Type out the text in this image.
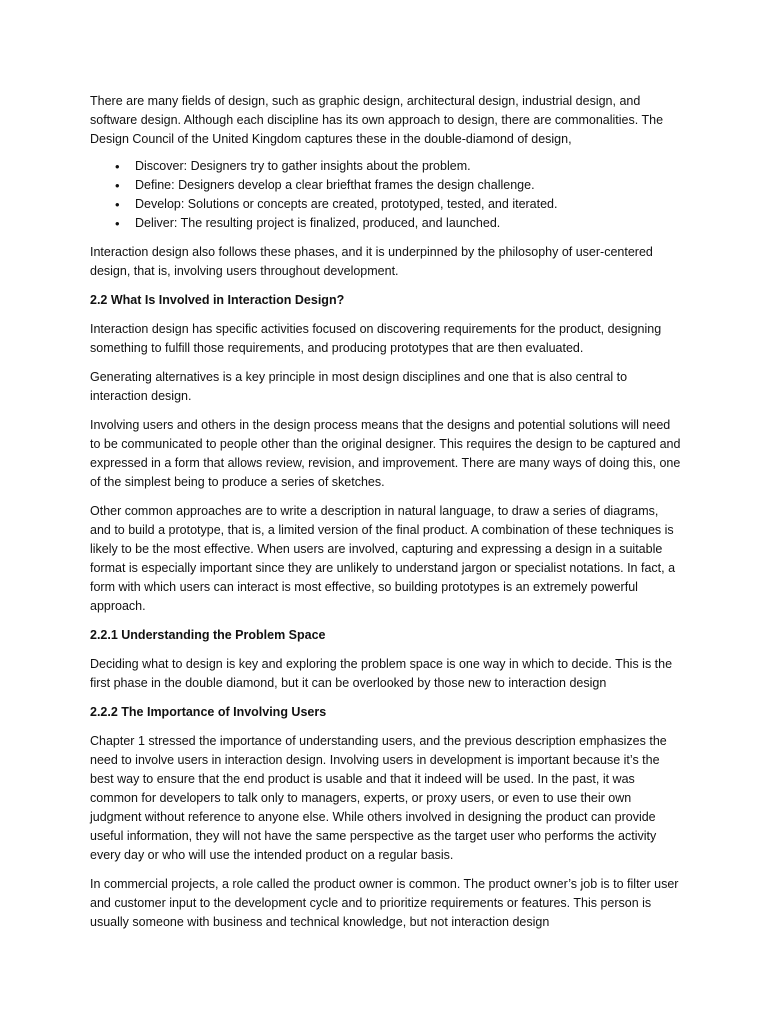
There are many fields of design, such as graphic design, architectural design, industrial design, and software design. Although each discipline has its own approach to design, there are commonalities. The Design Council of the United Kingdom captures these in the double-diamond of design,

• Discover: Designers try to gather insights about the problem.
• Define: Designers develop a clear briefthat frames the design challenge.
• Develop: Solutions or concepts are created, prototyped, tested, and iterated.
• Deliver: The resulting project is finalized, produced, and launched.

Interaction design also follows these phases, and it is underpinned by the philosophy of user-centered design, that is, involving users throughout development.

2.2 What Is Involved in Interaction Design?

Interaction design has specific activities focused on discovering requirements for the product, designing something to fulfill those requirements, and producing prototypes that are then evaluated.

Generating alternatives is a key principle in most design disciplines and one that is also central to interaction design.

Involving users and others in the design process means that the designs and potential solutions will need to be communicated to people other than the original designer. This requires the design to be captured and expressed in a form that allows review, revision, and improvement. There are many ways of doing this, one of the simplest being to produce a series of sketches.

Other common approaches are to write a description in natural language, to draw a series of diagrams, and to build a prototype, that is, a limited version of the final product. A combination of these techniques is likely to be the most effective. When users are involved, capturing and expressing a design in a suitable format is especially important since they are unlikely to understand jargon or specialist notations. In fact, a form with which users can interact is most effective, so building prototypes is an extremely powerful approach.

2.2.1 Understanding the Problem Space

Deciding what to design is key and exploring the problem space is one way in which to decide. This is the first phase in the double diamond, but it can be overlooked by those new to interaction design

2.2.2 The Importance of Involving Users

Chapter 1 stressed the importance of understanding users, and the previous description emphasizes the need to involve users in interaction design. Involving users in development is important because it’s the best way to ensure that the end product is usable and that it indeed will be used. In the past, it was common for developers to talk only to managers, experts, or proxy users, or even to use their own judgment without reference to anyone else. While others involved in designing the product can provide useful information, they will not have the same perspective as the target user who performs the activity every day or who will use the intended product on a regular basis.

In commercial projects, a role called the product owner is common. The product owner’s job is to filter user and customer input to the development cycle and to prioritize requirements or features. This person is usually someone with business and technical knowledge, but not interaction design
